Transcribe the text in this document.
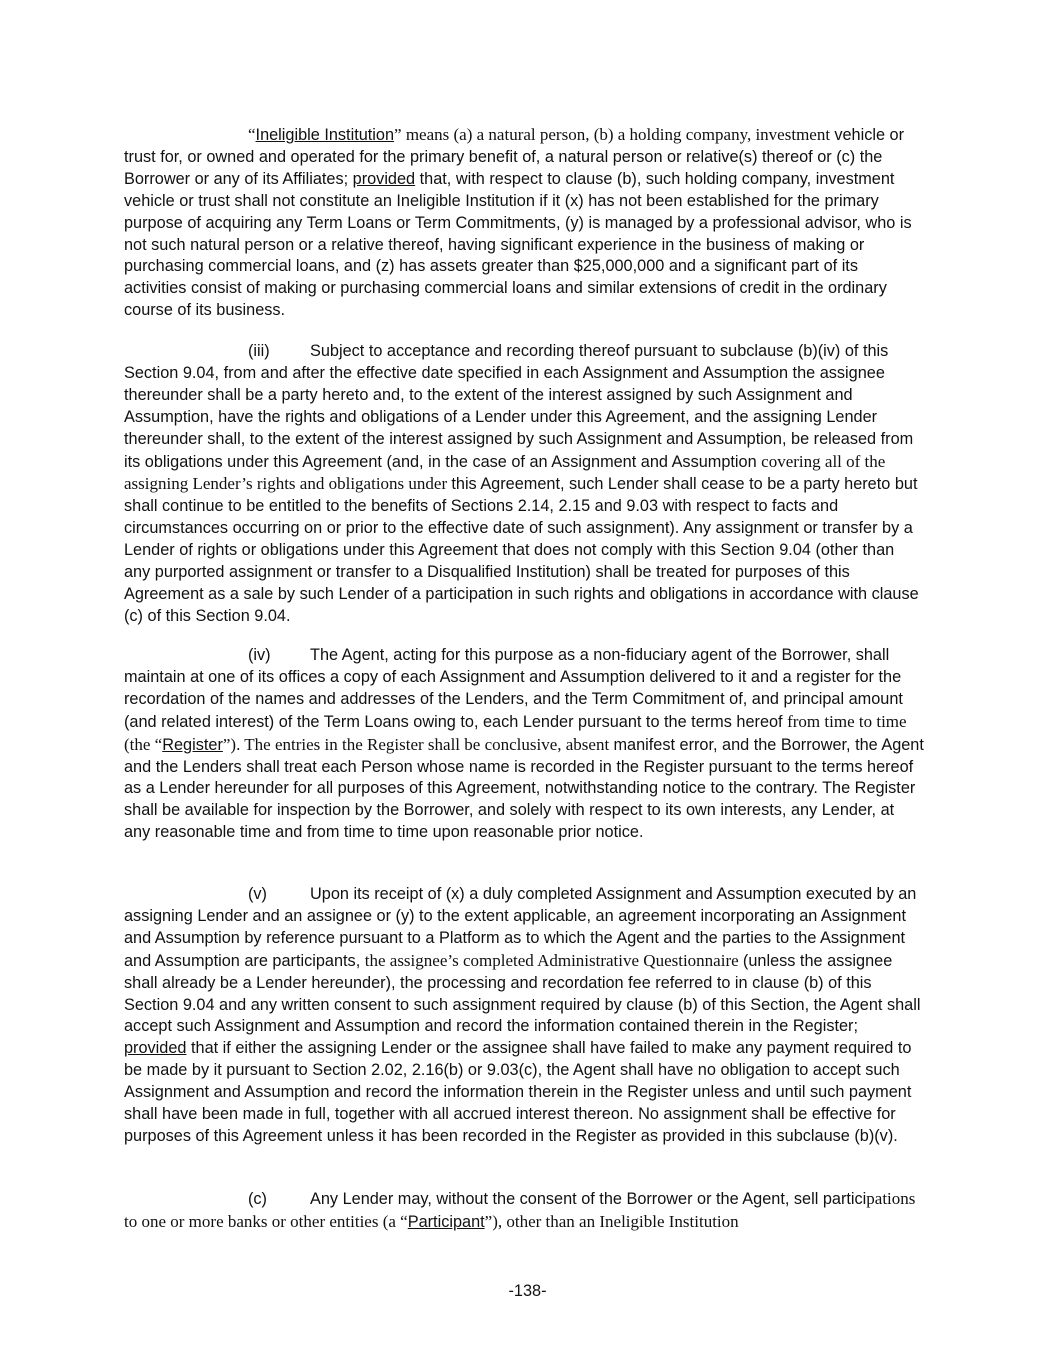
“Ineligible Institution” means (a) a natural person, (b) a holding company, investment vehicle or trust for, or owned and operated for the primary benefit of, a natural person or relative(s) thereof or (c) the Borrower or any of its Affiliates; provided that, with respect to clause (b), such holding company, investment vehicle or trust shall not constitute an Ineligible Institution if it (x) has not been established for the primary purpose of acquiring any Term Loans or Term Commitments, (y) is managed by a professional advisor, who is not such natural person or a relative thereof, having significant experience in the business of making or purchasing commercial loans, and (z) has assets greater than $25,000,000 and a significant part of its activities consist of making or purchasing commercial loans and similar extensions of credit in the ordinary course of its business.

(iii) Subject to acceptance and recording thereof pursuant to subclause (b)(iv) of this Section 9.04, from and after the effective date specified in each Assignment and Assumption the assignee thereunder shall be a party hereto and, to the extent of the interest assigned by such Assignment and Assumption, have the rights and obligations of a Lender under this Agreement, and the assigning Lender thereunder shall, to the extent of the interest assigned by such Assignment and Assumption, be released from its obligations under this Agreement (and, in the case of an Assignment and Assumption covering all of the assigning Lender’s rights and obligations under this Agreement, such Lender shall cease to be a party hereto but shall continue to be entitled to the benefits of Sections 2.14, 2.15 and 9.03 with respect to facts and circumstances occurring on or prior to the effective date of such assignment). Any assignment or transfer by a Lender of rights or obligations under this Agreement that does not comply with this Section 9.04 (other than any purported assignment or transfer to a Disqualified Institution) shall be treated for purposes of this Agreement as a sale by such Lender of a participation in such rights and obligations in accordance with clause (c) of this Section 9.04.

(iv) The Agent, acting for this purpose as a non-fiduciary agent of the Borrower, shall maintain at one of its offices a copy of each Assignment and Assumption delivered to it and a register for the recordation of the names and addresses of the Lenders, and the Term Commitment of, and principal amount (and related interest) of the Term Loans owing to, each Lender pursuant to the terms hereof from time to time (the “Register”). The entries in the Register shall be conclusive, absent manifest error, and the Borrower, the Agent and the Lenders shall treat each Person whose name is recorded in the Register pursuant to the terms hereof as a Lender hereunder for all purposes of this Agreement, notwithstanding notice to the contrary. The Register shall be available for inspection by the Borrower, and solely with respect to its own interests, any Lender, at any reasonable time and from time to time upon reasonable prior notice.

(v)	Upon its receipt of (x) a duly completed Assignment and Assumption executed by an assigning Lender and an assignee or (y) to the extent applicable, an agreement incorporating an Assignment and Assumption by reference pursuant to a Platform as to which the Agent and the parties to the Assignment and Assumption are participants, the assignee’s completed Administrative Questionnaire (unless the assignee shall already be a Lender hereunder), the processing and recordation fee referred to in clause (b) of this Section 9.04 and any written consent to such assignment required by clause (b) of this Section, the Agent shall accept such Assignment and Assumption and record the information contained therein in the Register; provided that if either the assigning Lender or the assignee shall have failed to make any payment required to be made by it pursuant to Section 2.02, 2.16(b) or 9.03(c), the Agent shall have no obligation to accept such Assignment and Assumption and record the information therein in the Register unless and until such payment shall have been made in full, together with all accrued interest thereon. No assignment shall be effective for purposes of this Agreement unless it has been recorded in the Register as provided in this subclause (b)(v).

(c)	Any Lender may, without the consent of the Borrower or the Agent, sell participations to one or more banks or other entities (a “Participant”), other than an Ineligible Institution

-138-
